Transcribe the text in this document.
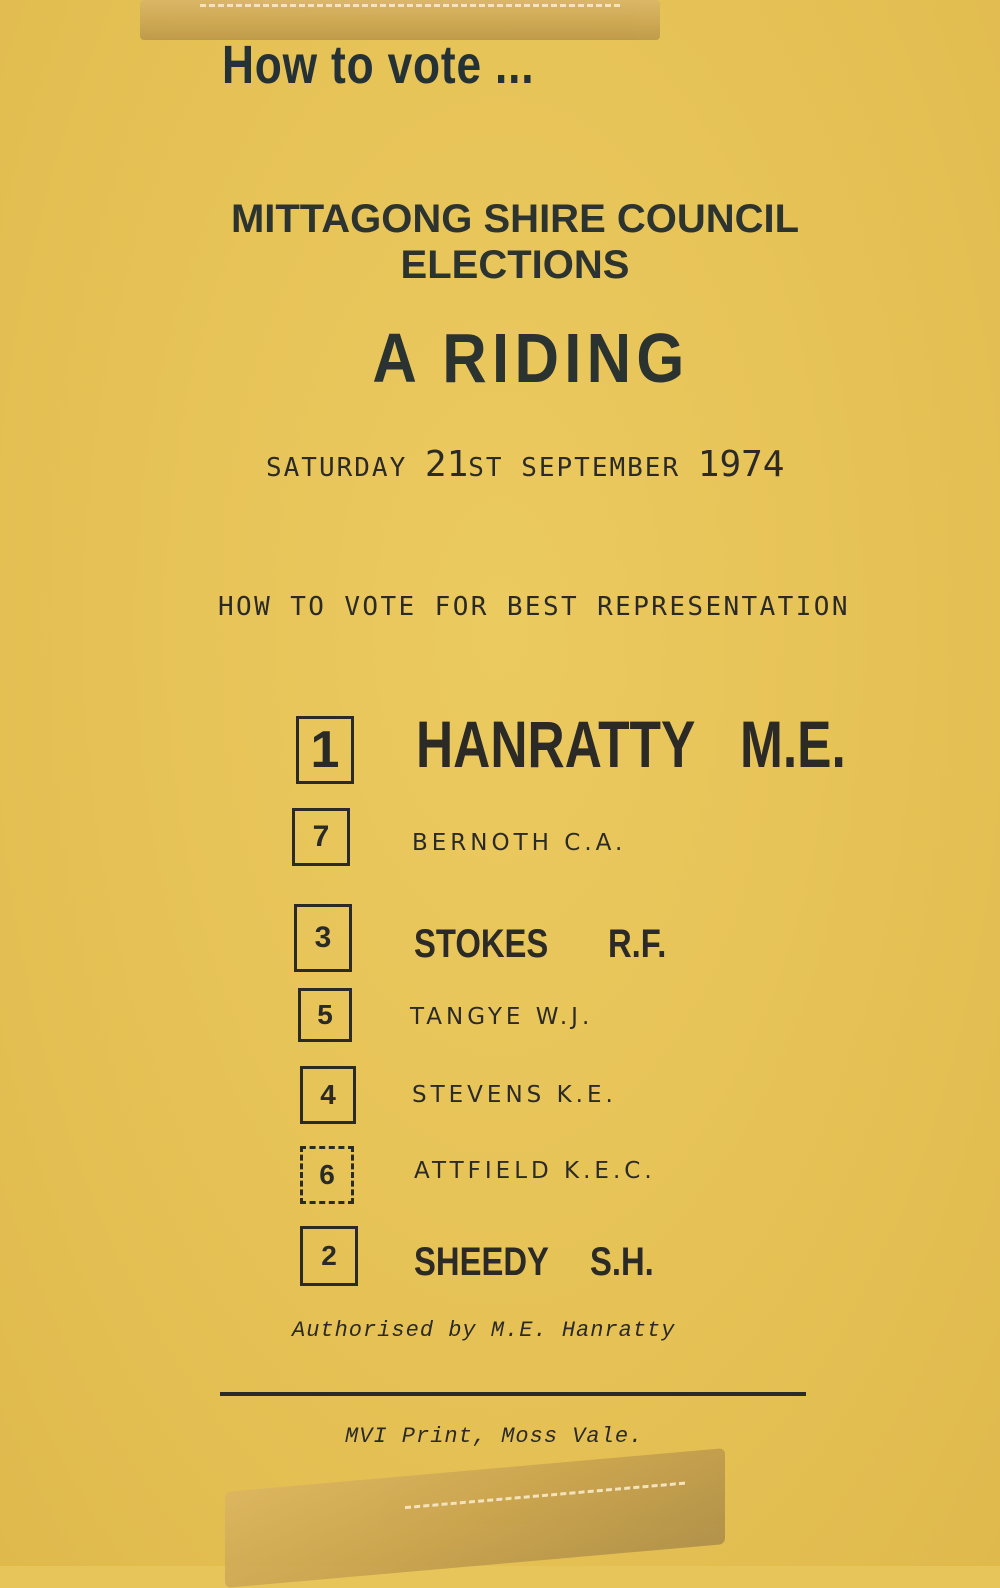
How to vote ...
MITTAGONG SHIRE COUNCIL
ELECTIONS
A RIDING
SATURDAY 21ST SEPTEMBER 1974
HOW TO VOTE FOR BEST REPRESENTATION
1 HANRATTY M.E.
7	BERNOTH C.A.
3	STOKES R.F.
5	TANGYE W.J.
4	STEVENS K.E.
6	ATTFIELD K.E.C.
2	SHEEDY S.H.
Authorised by M.E. Hanratty
MVI Print, Moss Vale.
